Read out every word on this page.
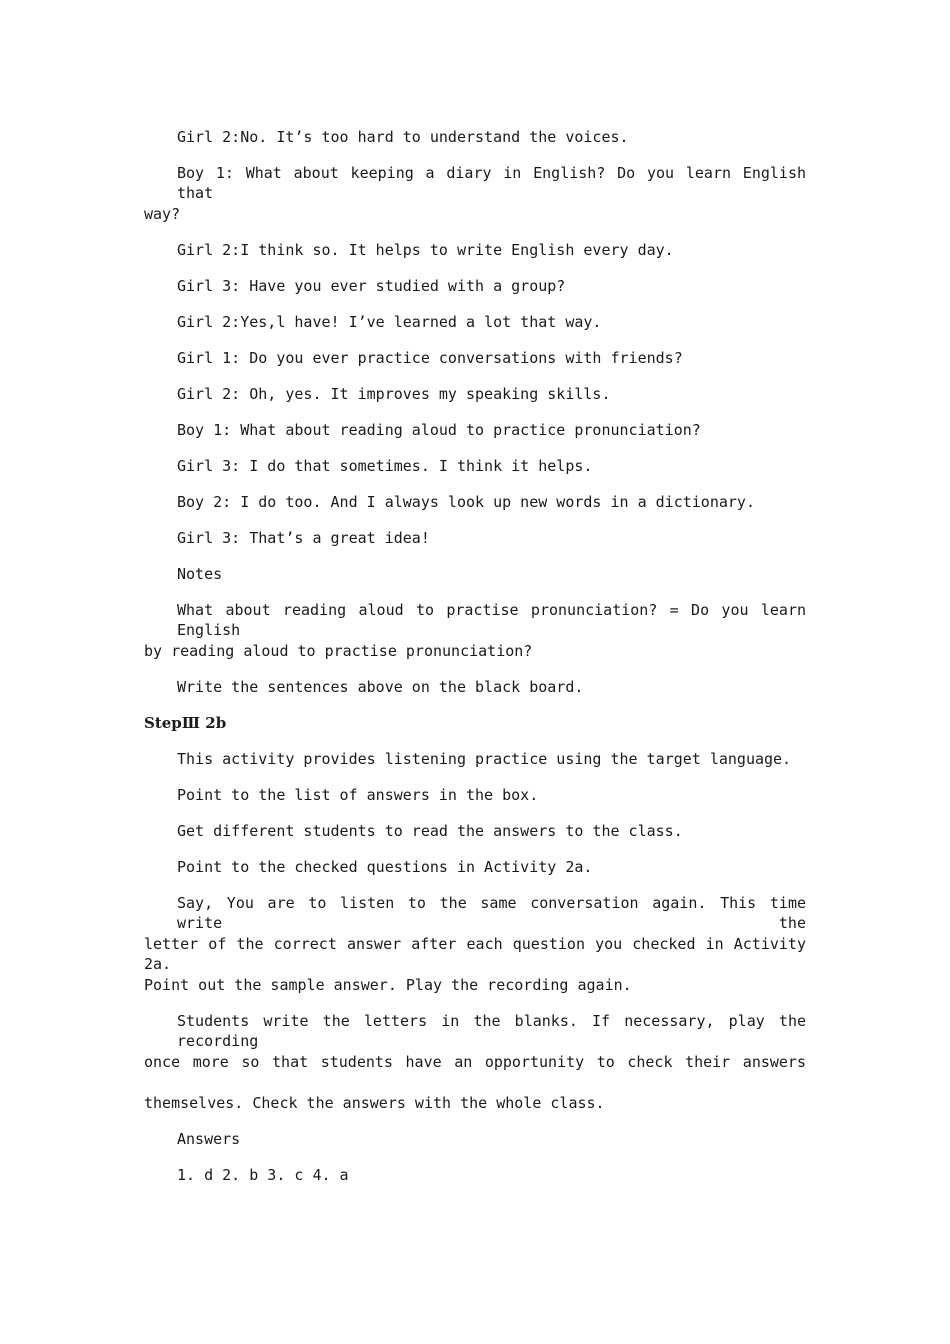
Girl 2:No. It’s too hard to understand the voices.
Boy 1: What about keeping a diary in English? Do you learn English that
way?
Girl 2:I think so. It helps to write English every day.
Girl 3: Have you ever studied with a group?
Girl 2:Yes,l have! I’ve learned a lot that way.
Girl 1: Do you ever practice conversations with friends?
Girl 2: Oh, yes. It improves my speaking skills.
Boy 1: What about reading aloud to practice pronunciation?
Girl 3: I do that sometimes. I think it helps.
Boy 2: I do too. And I always look up new words in a dictionary.
Girl 3: That’s a great idea!
Notes
What about reading aloud to practise pronunciation? = Do you learn English
by reading aloud to practise pronunciation?
Write the sentences above on the black board.
StepⅢ 2b
This activity provides listening practice using the target language.
Point to the list of answers in the box.
Get different students to read the answers to the class.
Point to the checked questions in Activity 2a.
Say, You are to listen to the same conversation again. This time write the
letter of the correct answer after each question you checked in Activity 2a.
Point out the sample answer. Play the recording again.
Students write the letters in the blanks. If necessary, play the recording
once more so that students have an opportunity to check their answers
themselves. Check the answers with the whole class.
Answers
1. d 2. b 3. c 4. a
